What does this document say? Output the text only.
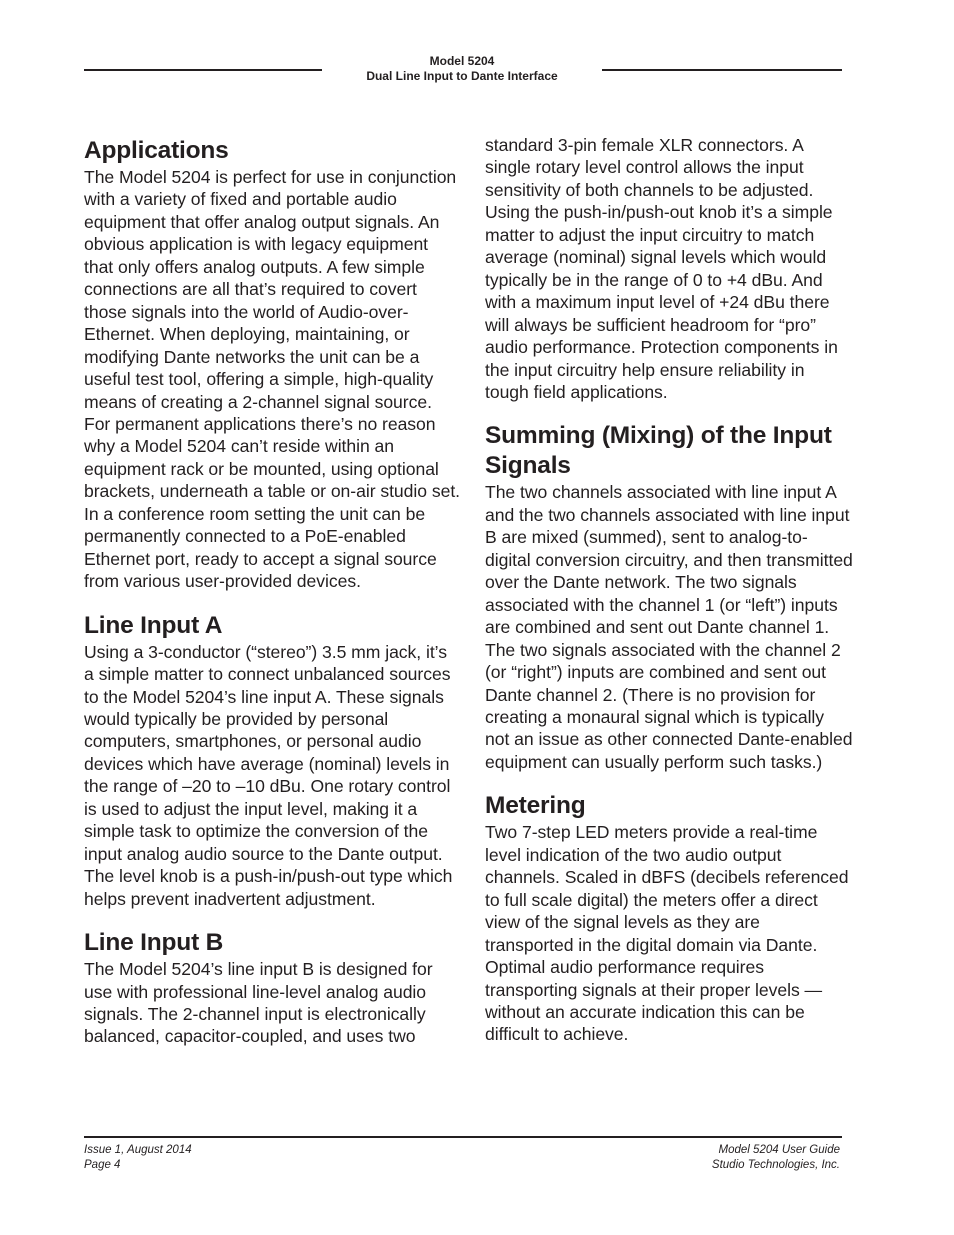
Model 5204
Dual Line Input to Dante Interface
Applications

The Model 5204 is perfect for use in conjunction with a variety of fixed and portable audio equipment that offer analog output signals. An obvious application is with legacy equipment that only offers analog outputs. A few simple connections are all that’s required to covert those signals into the world of Audio-over-Ethernet. When deploying, maintaining, or modifying Dante networks the unit can be a useful test tool, offering a simple, high-quality means of creating a 2-channel signal source. For permanent applications there’s no reason why a Model 5204 can’t reside within an equipment rack or be mounted, using optional brackets, underneath a table or on-air studio set. In a conference room setting the unit can be permanently connected to a PoE-enabled Ethernet port, ready to accept a signal source from various user-provided devices.

Line Input A

Using a 3-conductor (“stereo”) 3.5 mm jack, it’s a simple matter to connect unbalanced sources to the Model 5204’s line input A. These signals would typically be provided by personal computers, smartphones, or personal audio devices which have average (nominal) levels in the range of –20 to –10 dBu. One rotary control is used to adjust the input level, making it a simple task to optimize the conversion of the input analog audio source to the Dante output. The level knob is a push-in/push-out type which helps prevent inadvertent adjustment.

Line Input B

The Model 5204’s line input B is designed for use with professional line-level analog audio signals. The 2-channel input is electronically balanced, capacitor-coupled, and uses two

standard 3-pin female XLR connectors. A single rotary level control allows the input sensitivity of both channels to be adjusted. Using the push-in/push-out knob it’s a simple matter to adjust the input circuitry to match average (nominal) signal levels which would typically be in the range of 0 to +4 dBu. And with a maximum input level of +24 dBu there will always be sufficient headroom for “pro” audio performance. Protection components in the input circuitry help ensure reliability in tough field applications.

Summing (Mixing) of the Input Signals

The two channels associated with line input A and the two channels associated with line input B are mixed (summed), sent to analog-to-digital conversion circuitry, and then transmitted over the Dante network. The two signals associated with the channel 1 (or “left”) inputs are combined and sent out Dante channel 1. The two signals associated with the channel 2 (or “right”) inputs are combined and sent out Dante channel 2. (There is no provision for creating a monaural signal which is typically not an issue as other connected Dante-enabled equipment can usually perform such tasks.)

Metering

Two 7-step LED meters provide a real-time level indication of the two audio output channels. Scaled in dBFS (decibels referenced to full scale digital) the meters offer a direct view of the signal levels as they are transported in the digital domain via Dante. Optimal audio performance requires transporting signals at their proper levels — without an accurate indication this can be difficult to achieve.

Issue 1, August 2014
Page 4
Model 5204 User Guide
Studio Technologies, Inc.
